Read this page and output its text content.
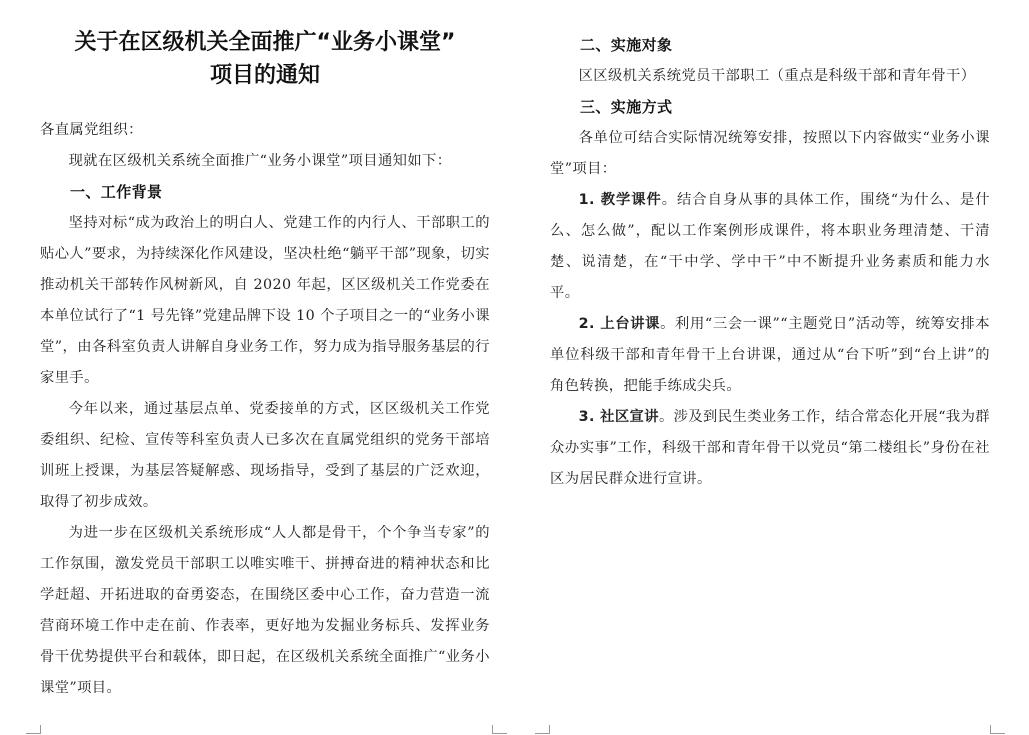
关于在区级机关全面推广“业务小课堂”
项目的通知

各直属党组织：

现就在区级机关系统全面推广“业务小课堂”项目通知如下：

一、工作背景

坚持对标“成为政治上的明白人、党建工作的内行人、干部职工的贴心人”要求，为持续深化作风建设，坚决杜绝“躺平干部”现象，切实推动机关干部转作风树新风，自 2020 年起，区区级机关工作党委在本单位试行了“1 号先锋”党建品牌下设 10 个子项目之一的“业务小课堂”，由各科室负责人讲解自身业务工作，努力成为指导服务基层的行家里手。

今年以来，通过基层点单、党委接单的方式，区区级机关工作党委组织、纪检、宣传等科室负责人已多次在直属党组织的党务干部培训班上授课，为基层答疑解惑、现场指导，受到了基层的广泛欢迎，取得了初步成效。

为进一步在区级机关系统形成“人人都是骨干，个个争当专家”的工作氛围，激发党员干部职工以唯实唯干、拼搏奋进的精神状态和比学赶超、开拓进取的奋勇姿态，在围绕区委中心工作，奋力营造一流营商环境工作中走在前、作表率，更好地为发掘业务标兵、发挥业务骨干优势提供平台和载体，即日起，在区级机关系统全面推广“业务小课堂”项目。

二、实施对象

区区级机关系统党员干部职工（重点是科级干部和青年骨干）

三、实施方式

各单位可结合实际情况统筹安排，按照以下内容做实“业务小课堂”项目：

1. 教学课件。结合自身从事的具体工作，围绕“为什么、是什么、怎么做”，配以工作案例形成课件，将本职业务理清楚、干清楚、说清楚，在“干中学、学中干”中不断提升业务素质和能力水平。

2. 上台讲课。利用“三会一课”“主题党日”活动等，统筹安排本单位科级干部和青年骨干上台讲课，通过从“台下听”到“台上讲”的角色转换，把能手练成尖兵。

3. 社区宣讲。涉及到民生类业务工作，结合常态化开展“我为群众办实事”工作，科级干部和青年骨干以党员“第二楼组长”身份在社区为居民群众进行宣讲。
